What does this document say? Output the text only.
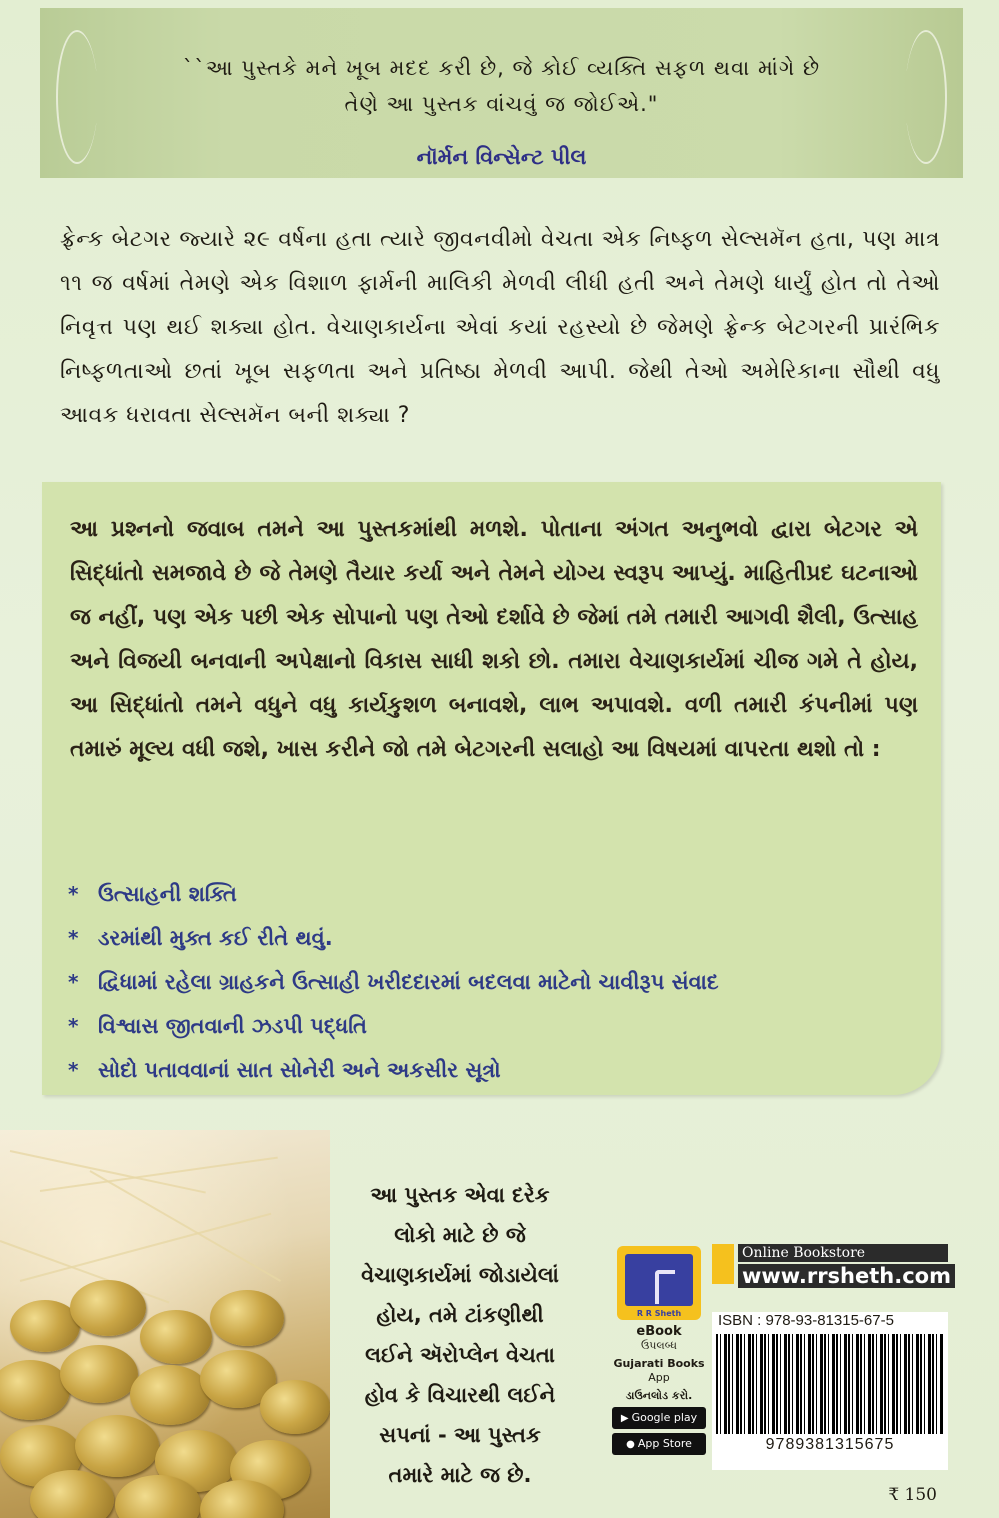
``આ પુસ્તકે મને ખૂબ મદદ કરી છે, જે કોઈ વ્યક્તિ સફળ થવા માંગે છે
તેણે આ પુસ્તક વાંચવું જ જોઈએ."
નૉર્મન વિન્સેન્ટ પીલ
ફ્રેન્ક બેટગર જ્યારે ૨૯ વર્ષના હતા ત્યારે જીવનવીમો વેચતા એક નિષ્ફળ સેલ્સમૅન હતા, પણ માત્ર ૧૧ જ વર્ષમાં તેમણે એક વિશાળ ફાર્મની માલિકી મેળવી લીધી હતી અને તેમણે ધાર્યું હોત તો તેઓ નિવૃત્ત પણ થઈ શક્યા હોત. વેચાણકાર્યના એવાં કયાં રહસ્યો છે જેમણે ફ્રેન્ક બેટગરની પ્રારંભિક નિષ્ફળતાઓ છતાં ખૂબ સફળતા અને પ્રતિષ્ઠા મેળવી આપી. જેથી તેઓ અમેરિકાના સૌથી વધુ આવક ધરાવતા સેલ્સમૅન બની શક્યા ?
આ પ્રશ્નનો જવાબ તમને આ પુસ્તકમાંથી મળશે. પોતાના અંગત અનુભવો દ્વારા બેટગર એ સિદ્ધાંતો સમજાવે છે જે તેમણે તૈયાર કર્યા અને તેમને યોગ્ય સ્વરૂપ આપ્યું. માહિતીપ્રદ ઘટનાઓ જ નહીં, પણ એક પછી એક સોપાનો પણ તેઓ દર્શાવે છે જેમાં તમે તમારી આગવી શૈલી, ઉત્સાહ અને વિજયી બનવાની અપેક્ષાનો વિકાસ સાધી શકો છો. તમારા વેચાણકાર્યમાં ચીજ ગમે તે હોય, આ સિદ્ધાંતો તમને વધુને વધુ કાર્યકુશળ બનાવશે, લાભ અપાવશે. વળી તમારી કંપનીમાં પણ તમારું મૂલ્ય વધી જશે, ખાસ કરીને જો તમે બેટગરની સલાહો આ વિષયમાં વાપરતા થશો તો :
* ઉત્સાહની શક્તિ
* ડરમાંથી મુક્ત કઈ રીતે થવું.
* દ્વિધામાં રહેલા ગ્રાહકને ઉત્સાહી ખરીદદારમાં બદલવા માટેનો ચાવીરૂપ સંવાદ
* વિશ્વાસ જીતવાની ઝડપી પદ્ધતિ
* સોદો પતાવવાનાં સાત સોનેરી અને અકસીર સૂત્રો
આ પુસ્તક એવા દરેક
લોકો માટે છે જે
વેચાણકાર્યમાં જોડાયેલાં
હોય, તમે ટાંકણીથી
લઈને ઍરોપ્લેન વેચતા
હોવ કે વિચારથી લઈને
સપનાં - આ પુસ્તક
તમારે માટે જ છે.
R R Sheth
eBook
ઉપલબ્ધ
Gujarati Books
App
ડાઉનલોડ કરો.
▶ Google play
● App Store
Online Bookstore
www.rrsheth.com
ISBN : 978-93-81315-67-5
9789381315675
₹ 150
